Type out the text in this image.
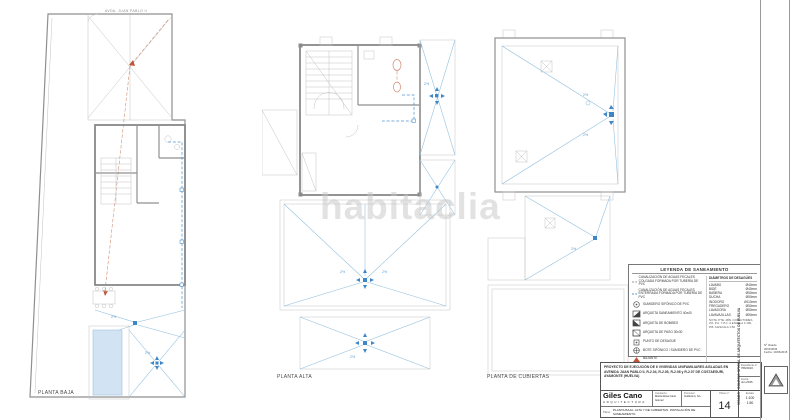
2%
2%
AVDA. JUAN PABLO II
PLANTA BAJA
2%
2%	2%
2%
PLANTA ALTA
2%
2%
2%
PLANTA DE CUBIERTAS
habitaclia
LEYENDA DE SANEAMIENTO
CANALIZACIÓN DE AGUAS FECALES COLGADA FORMADA POR TUBERÍA DE PVC
CANALIZACIÓN DE AGUAS FECALES ENTERRADA FORMADA POR TUBERÍA DE PVC
SUMIDERO SIFÓNICO DE PVC
ARQUETA SANEAMIENTO 40x40
ARQUETA DE BOMBEO
ARQUETA DE PASO 30x30
PUNTO DE DESAGÜE
BOTE SIFÓNICO / SUMIDERO DE PVC
BAJANTE
DIÁMETROS DE DESAGÜES
LAVABO	Ø40mm
BIDÉ	Ø40mm
BAÑERA	Ø50mm
DUCHA	Ø50mm
INODORO	Ø110mm
FREGADERO	Ø50mm
LAVADORA	Ø50mm
LAVAVAJILLAS	Ø50mm
NOTA: PTE. MÍN. COLECTORES 2%. P.A. Y P.C. A ESCALA 1:100, P.B. A ESCALA 1:50
PROYECTO DE EJECUCIÓN DE 6 VIVIENDAS UNIFAMILIARES AISLADAS EN AVENIDA JUAN PABLO II, R-2.04, R-2.05, R-2.06 y R-2.07 DE COSTAESURI, AYAMONTE (HUELVA)
Expediente nº:
766/2013
Fecha:
Jun 2015
Giles Cano
ARQUITECTURA
Arquitecto:
María Rosa Cano Gómez
Promotor:
Guillermo, S.L.
Plano: PLANTA BAJA, ALTA Y DE CUBIERTAS. INSTALACIÓN DE SANEAMIENTO
Plano nº:
14
Escala:
1:100
1:50
VISADO · COLEGIO OFICIAL DE ARQUITECTOS DE HUELVA	Nº Visado: 2015/0633
Fecha: 10/06/2015
